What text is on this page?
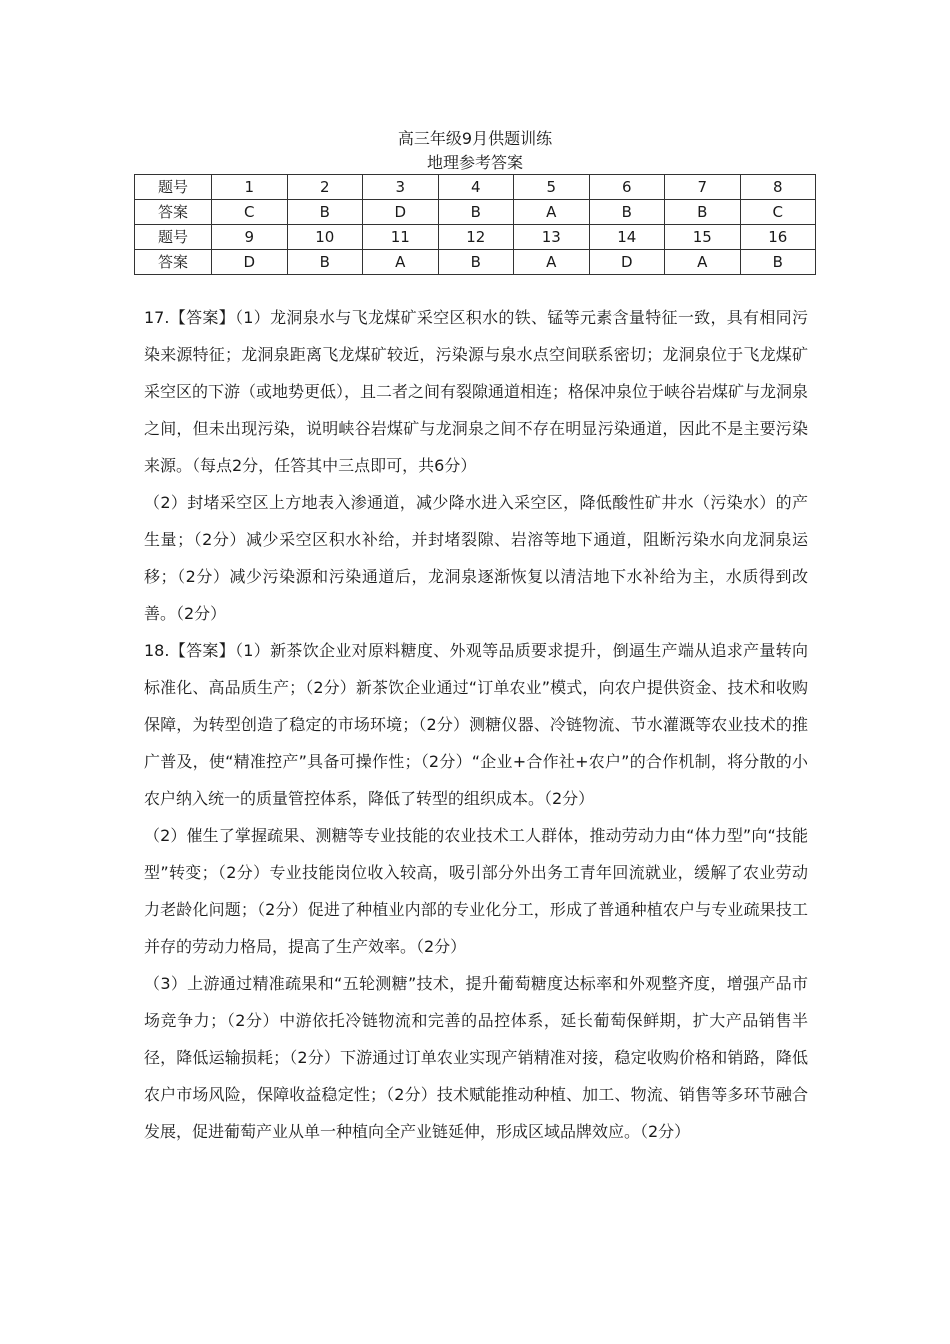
高三年级9月供题训练
地理参考答案
题号	1	2	3	4	5	6	7	8
答案	C	B	D	B	A	B	B	C
题号	9	10	11	12	13	14	15	16
答案	D	B	A	B	A	D	A	B

17.【答案】（1）龙洞泉水与飞龙煤矿采空区积水的铁、锰等元素含量特征一致，具有相同污染来源特征；龙洞泉距离飞龙煤矿较近，污染源与泉水点空间联系密切；龙洞泉位于飞龙煤矿采空区的下游（或地势更低），且二者之间有裂隙通道相连；格保冲泉位于峡谷岩煤矿与龙洞泉之间，但未出现污染，说明峡谷岩煤矿与龙洞泉之间不存在明显污染通道，因此不是主要污染来源。（每点2分，任答其中三点即可，共6分）

（2）封堵采空区上方地表入渗通道，减少降水进入采空区，降低酸性矿井水（污染水）的产生量；（2分）减少采空区积水补给，并封堵裂隙、岩溶等地下通道，阻断污染水向龙洞泉运移；（2分）减少污染源和污染通道后，龙洞泉逐渐恢复以清洁地下水补给为主，水质得到改善。（2分）

18.【答案】（1）新茶饮企业对原料糖度、外观等品质要求提升，倒逼生产端从追求产量转向标准化、高品质生产；（2分）新茶饮企业通过“订单农业”模式，向农户提供资金、技术和收购保障，为转型创造了稳定的市场环境；（2分）测糖仪器、冷链物流、节水灌溉等农业技术的推广普及，使“精准控产”具备可操作性；（2分）“企业+合作社+农户”的合作机制，将分散的小农户纳入统一的质量管控体系，降低了转型的组织成本。（2分）

（2）催生了掌握疏果、测糖等专业技能的农业技术工人群体，推动劳动力由“体力型”向“技能型”转变；（2分）专业技能岗位收入较高，吸引部分外出务工青年回流就业，缓解了农业劳动力老龄化问题；（2分）促进了种植业内部的专业化分工，形成了普通种植农户与专业疏果技工并存的劳动力格局，提高了生产效率。（2分）

（3）上游通过精准疏果和“五轮测糖”技术，提升葡萄糖度达标率和外观整齐度，增强产品市场竞争力；（2分）中游依托冷链物流和完善的品控体系，延长葡萄保鲜期，扩大产品销售半径，降低运输损耗；（2分）下游通过订单农业实现产销精准对接，稳定收购价格和销路，降低农户市场风险，保障收益稳定性；（2分）技术赋能推动种植、加工、物流、销售等多环节融合发展，促进葡萄产业从单一种植向全产业链延伸，形成区域品牌效应。（2分）
